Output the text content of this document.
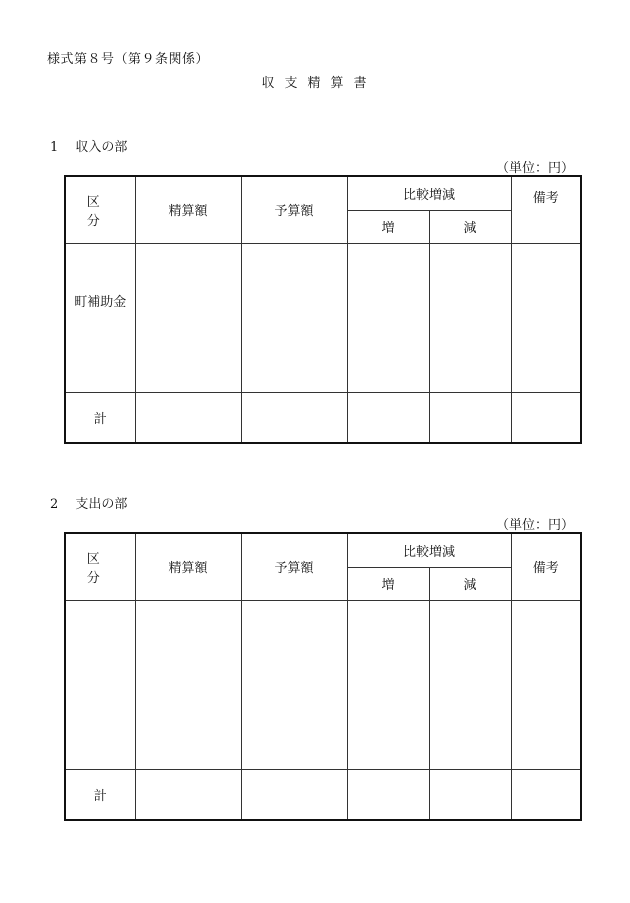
様式第８号（第９条関係）
収支精算書
1　 収入の部
（単位：円）
区 分	精算額	予算額	比較増減		備考
			増	減	

町補助金					

計					
2　 支出の部
（単位：円）
区 分	精算額	予算額	比較増減		備考
			増	減	

計					
